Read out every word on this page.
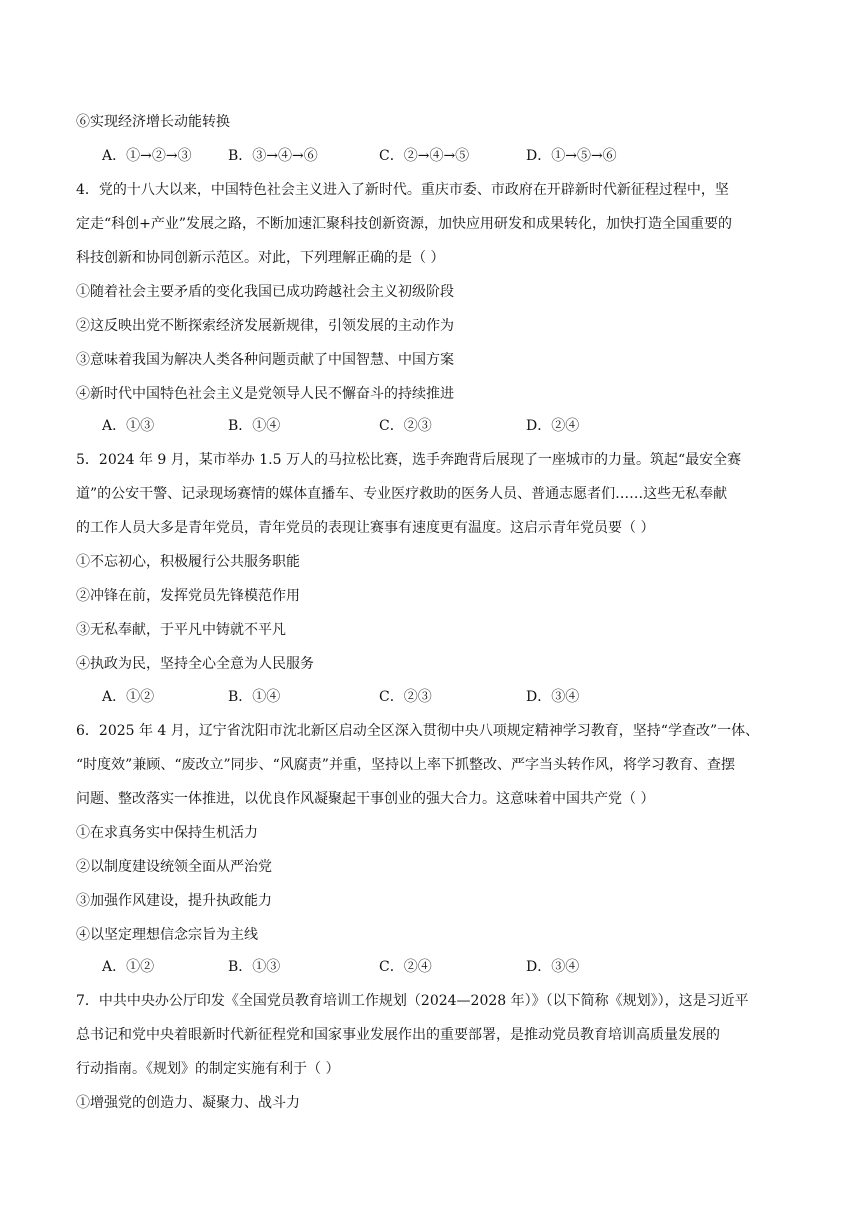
⑥实现经济增长动能转换
A．①→②→③	B．③→④→⑥	C．②→④→⑤	D．①→⑤→⑥
4．党的十八大以来，中国特色社会主义进入了新时代。重庆市委、市政府在开辟新时代新征程过程中，坚
定走“科创+产业”发展之路，不断加速汇聚科技创新资源，加快应用研发和成果转化，加快打造全国重要的
科技创新和协同创新示范区。对此，下列理解正确的是（ ）
①随着社会主要矛盾的变化我国已成功跨越社会主义初级阶段
②这反映出党不断探索经济发展新规律，引领发展的主动作为
③意味着我国为解决人类各种问题贡献了中国智慧、中国方案
④新时代中国特色社会主义是党领导人民不懈奋斗的持续推进
A．①③	B．①④	C．②③	D．②④
5．2024 年 9 月，某市举办 1.5 万人的马拉松比赛，选手奔跑背后展现了一座城市的力量。筑起“最安全赛
道”的公安干警、记录现场赛情的媒体直播车、专业医疗救助的医务人员、普通志愿者们……这些无私奉献
的工作人员大多是青年党员，青年党员的表现让赛事有速度更有温度。这启示青年党员要（ ）
①不忘初心，积极履行公共服务职能
②冲锋在前，发挥党员先锋模范作用
③无私奉献，于平凡中铸就不平凡
④执政为民，坚持全心全意为人民服务
A．①②	B．①④	C．②③	D．③④
6．2025 年 4 月，辽宁省沈阳市沈北新区启动全区深入贯彻中央八项规定精神学习教育，坚持“学查改”一体、
“时度效”兼顾、“废改立”同步、“风腐责”并重，坚持以上率下抓整改、严字当头转作风，将学习教育、查摆
问题、整改落实一体推进，以优良作风凝聚起干事创业的强大合力。这意味着中国共产党（ ）
①在求真务实中保持生机活力
②以制度建设统领全面从严治党
③加强作风建设，提升执政能力
④以坚定理想信念宗旨为主线
A．①②	B．①③	C．②④	D．③④
7．中共中央办公厅印发《全国党员教育培训工作规划（2024—2028 年）》（以下简称《规划》），这是习近平
总书记和党中央着眼新时代新征程党和国家事业发展作出的重要部署，是推动党员教育培训高质量发展的
行动指南。《规划》的制定实施有利于（ ）
①增强党的创造力、凝聚力、战斗力
